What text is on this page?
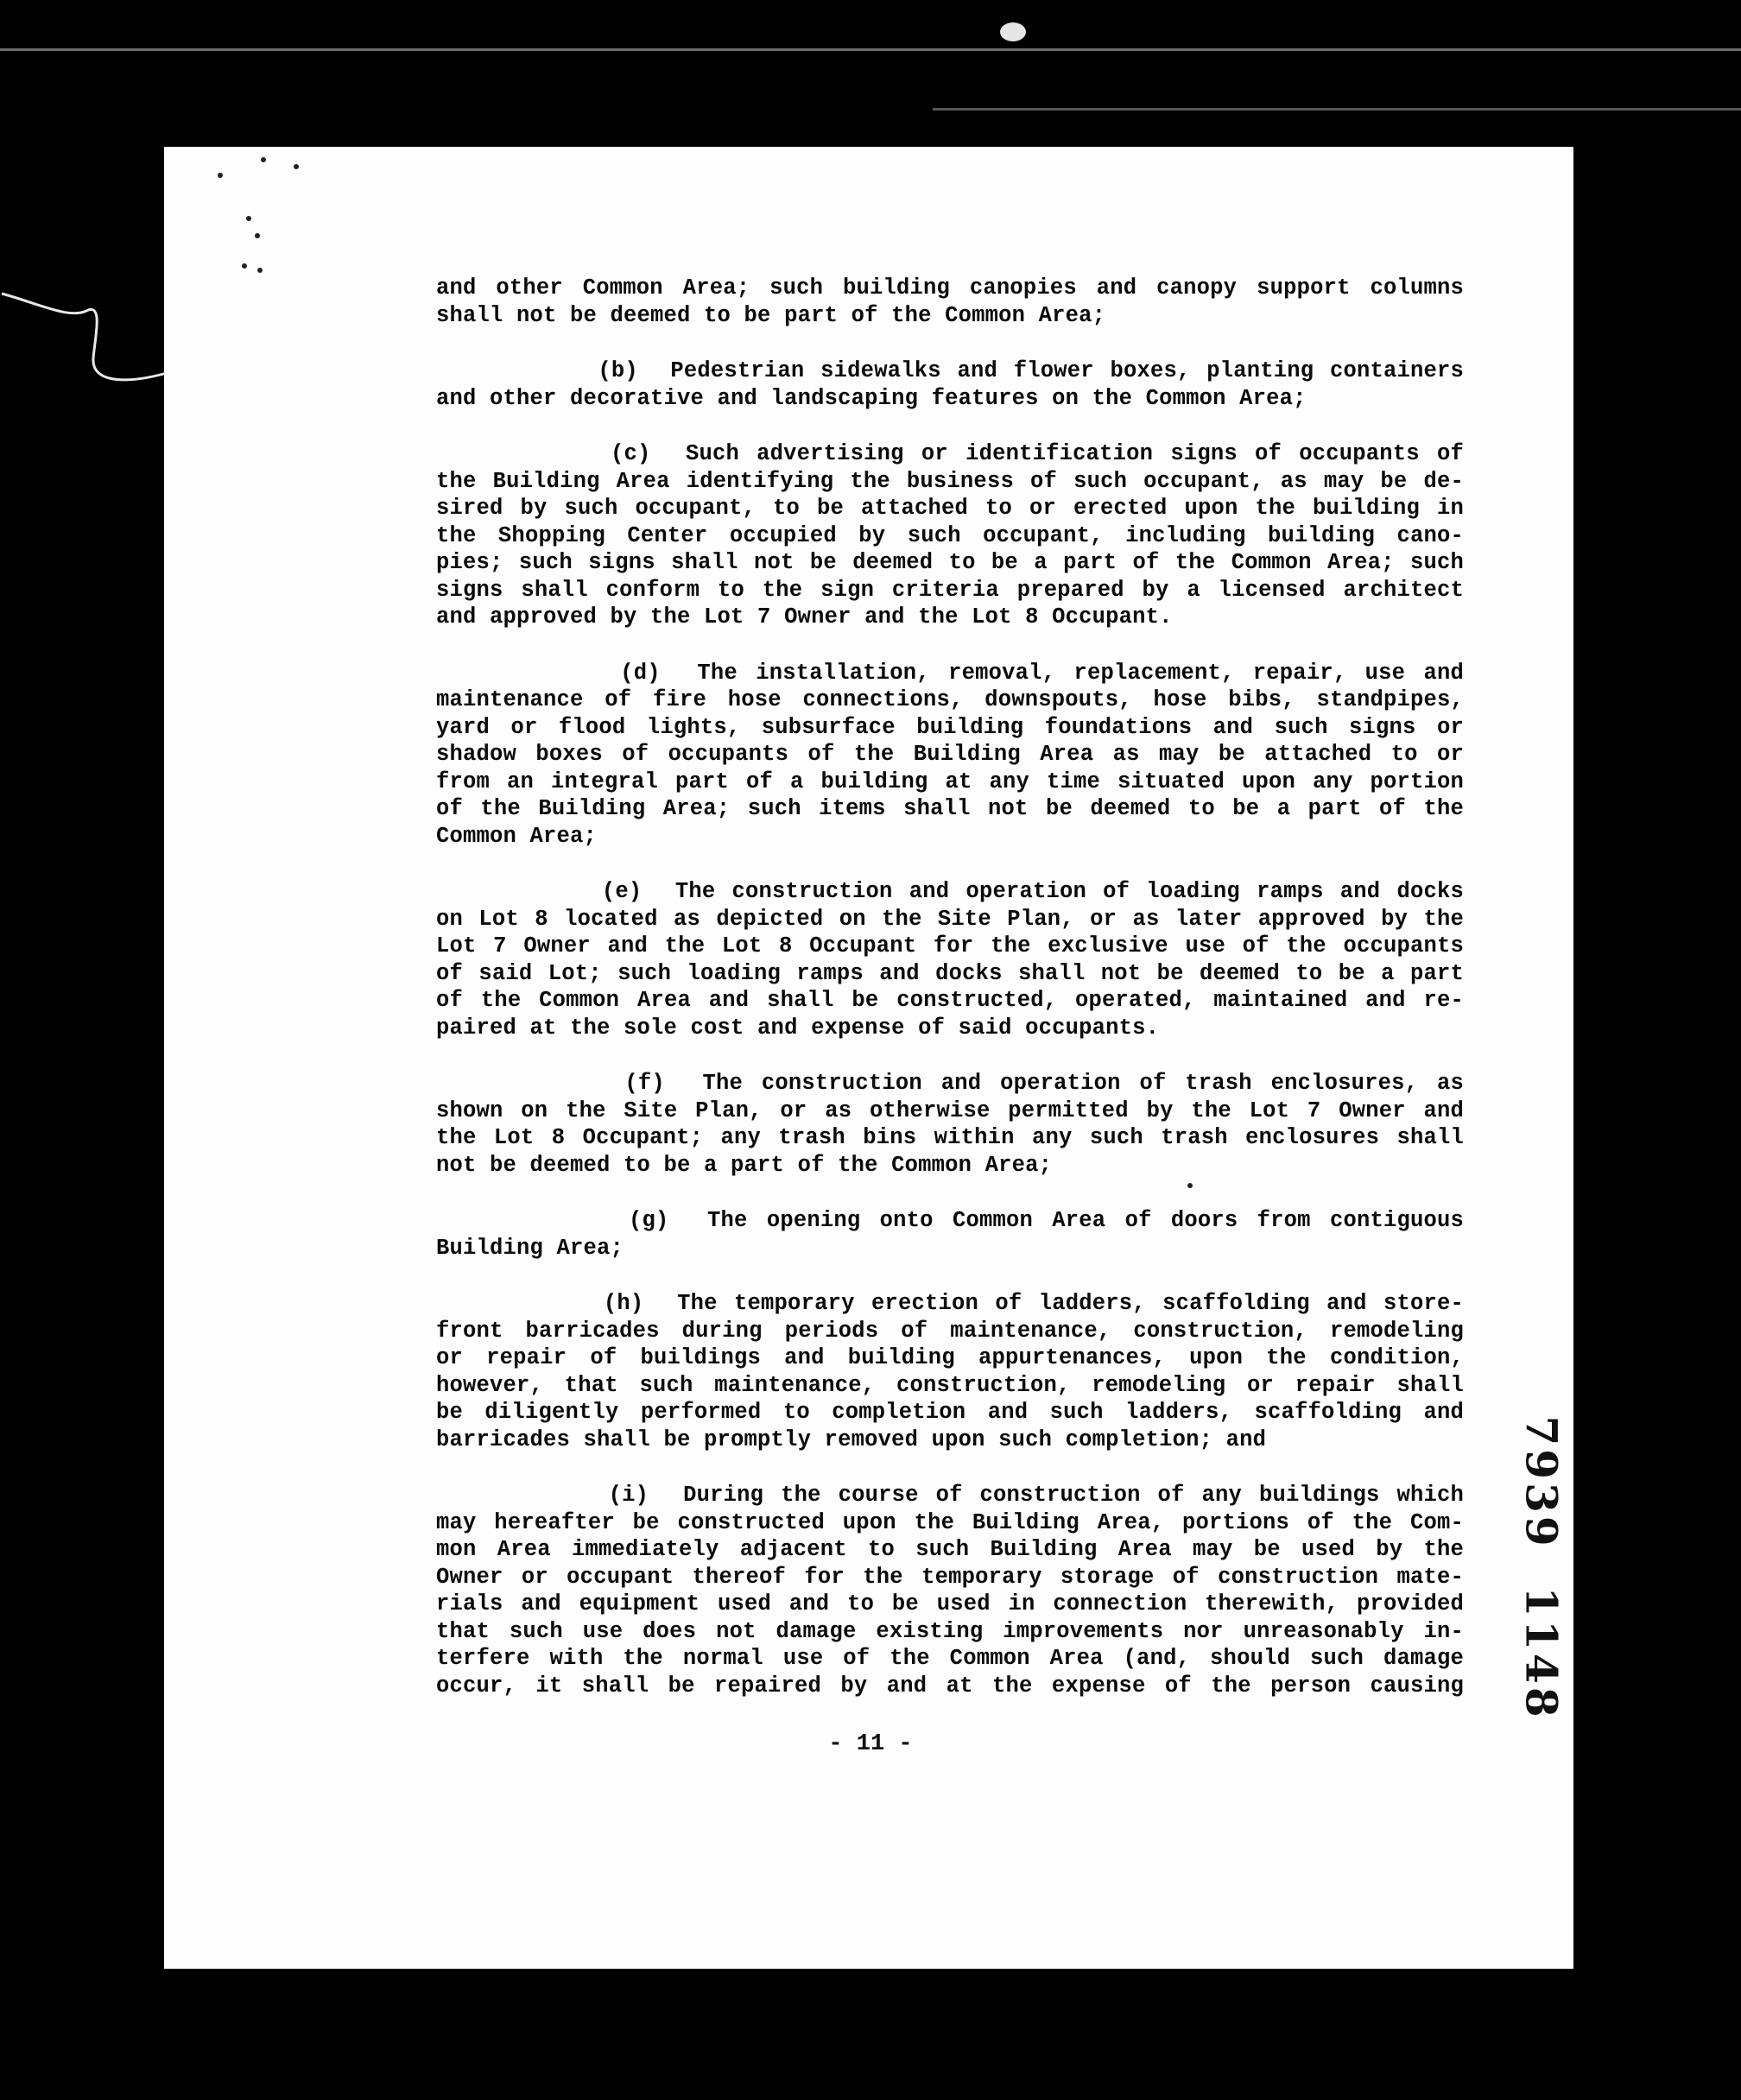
and other Common Area; such building canopies and canopy support columns
shall not be deemed to be part of the Common Area;
(b)  Pedestrian sidewalks and flower boxes, planting containers
and other decorative and landscaping features on the Common Area;
(c)  Such advertising or identification signs of occupants of
the Building Area identifying the business of such occupant, as may be de-
sired by such occupant, to be attached to or erected upon the building in
the Shopping Center occupied by such occupant, including building cano-
pies; such signs shall not be deemed to be a part of the Common Area; such
signs shall conform to the sign criteria prepared by a licensed architect
and approved by the Lot 7 Owner and the Lot 8 Occupant.
(d)  The installation, removal, replacement, repair, use and
maintenance of fire hose connections, downspouts, hose bibs, standpipes,
yard or flood lights, subsurface building foundations and such signs or
shadow boxes of occupants of the Building Area as may be attached to or
from an integral part of a building at any time situated upon any portion
of the Building Area; such items shall not be deemed to be a part of the
Common Area;
(e)  The construction and operation of loading ramps and docks
on Lot 8 located as depicted on the Site Plan, or as later approved by the
Lot 7 Owner and the Lot 8 Occupant for the exclusive use of the occupants
of said Lot; such loading ramps and docks shall not be deemed to be a part
of the Common Area and shall be constructed, operated, maintained and re-
paired at the sole cost and expense of said occupants.
(f)  The construction and operation of trash enclosures, as
shown on the Site Plan, or as otherwise permitted by the Lot 7 Owner and
the Lot 8 Occupant; any trash bins within any such trash enclosures shall
not be deemed to be a part of the Common Area;
(g)  The opening onto Common Area of doors from contiguous
Building Area;
(h)  The temporary erection of ladders, scaffolding and store-
front barricades during periods of maintenance, construction, remodeling
or repair of buildings and building appurtenances, upon the condition,
however, that such maintenance, construction, remodeling or repair shall
be diligently performed to completion and such ladders, scaffolding and
barricades shall be promptly removed upon such completion; and
(i)  During the course of construction of any buildings which
may hereafter be constructed upon the Building Area, portions of the Com-
mon Area immediately adjacent to such Building Area may be used by the
Owner or occupant thereof for the temporary storage of construction mate-
rials and equipment used and to be used in connection therewith, provided
that such use does not damage existing improvements nor unreasonably in-
terfere with the normal use of the Common Area (and, should such damage
occur, it shall be repaired by and at the expense of the person causing
- 11 -
7939  1148
